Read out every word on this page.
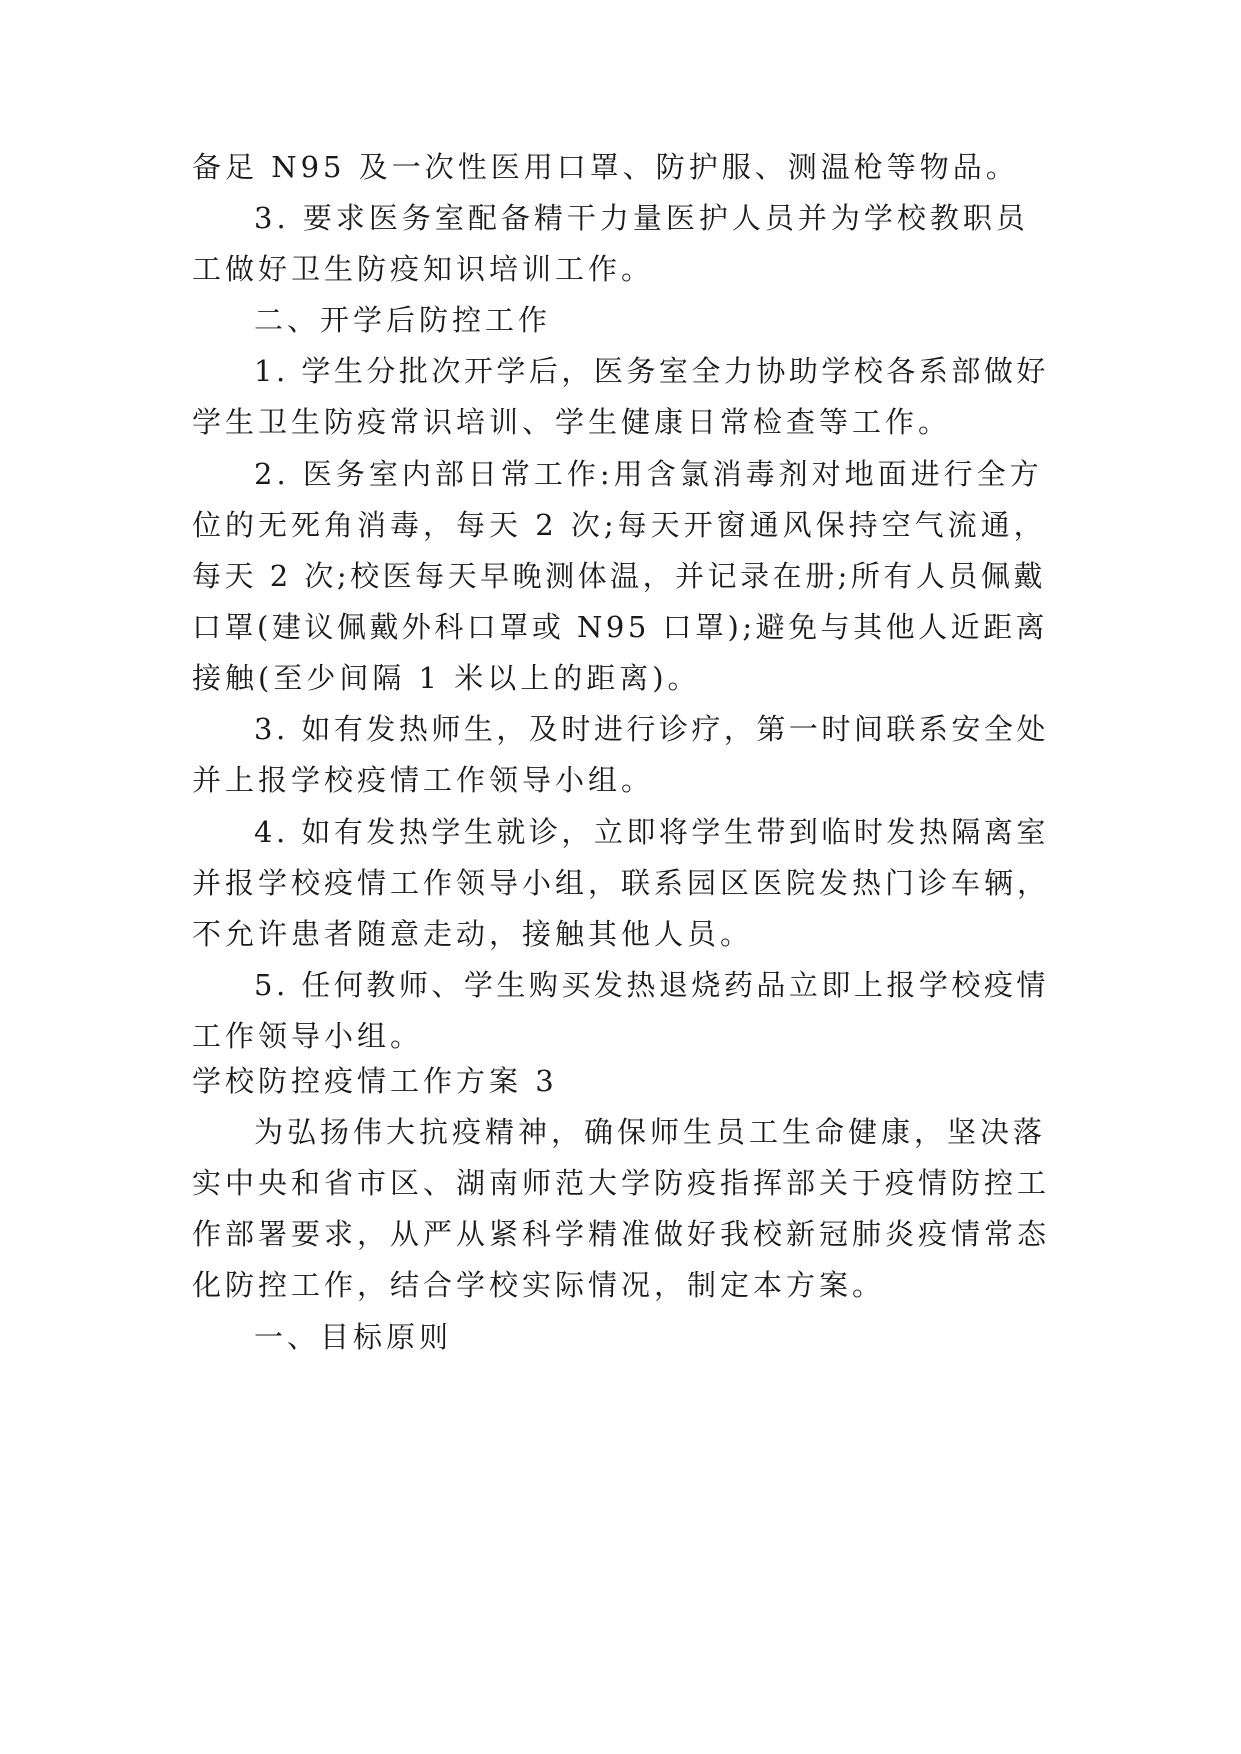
备足 N95 及一次性医用口罩、防护服、测温枪等物品。
3. 要求医务室配备精干力量医护人员并为学校教职员
工做好卫生防疫知识培训工作。
二、开学后防控工作
1. 学生分批次开学后，医务室全力协助学校各系部做好
学生卫生防疫常识培训、学生健康日常检查等工作。
2. 医务室内部日常工作:用含氯消毒剂对地面进行全方
位的无死角消毒，每天 2 次;每天开窗通风保持空气流通，
每天 2 次;校医每天早晚测体温，并记录在册;所有人员佩戴
口罩(建议佩戴外科口罩或 N95 口罩);避免与其他人近距离
接触(至少间隔 1 米以上的距离)。
3. 如有发热师生，及时进行诊疗，第一时间联系安全处
并上报学校疫情工作领导小组。
4. 如有发热学生就诊，立即将学生带到临时发热隔离室
并报学校疫情工作领导小组，联系园区医院发热门诊车辆，
不允许患者随意走动，接触其他人员。
5. 任何教师、学生购买发热退烧药品立即上报学校疫情
工作领导小组。
学校防控疫情工作方案 3
为弘扬伟大抗疫精神，确保师生员工生命健康，坚决落
实中央和省市区、湖南师范大学防疫指挥部关于疫情防控工
作部署要求，从严从紧科学精准做好我校新冠肺炎疫情常态
化防控工作，结合学校实际情况，制定本方案。
一、目标原则
